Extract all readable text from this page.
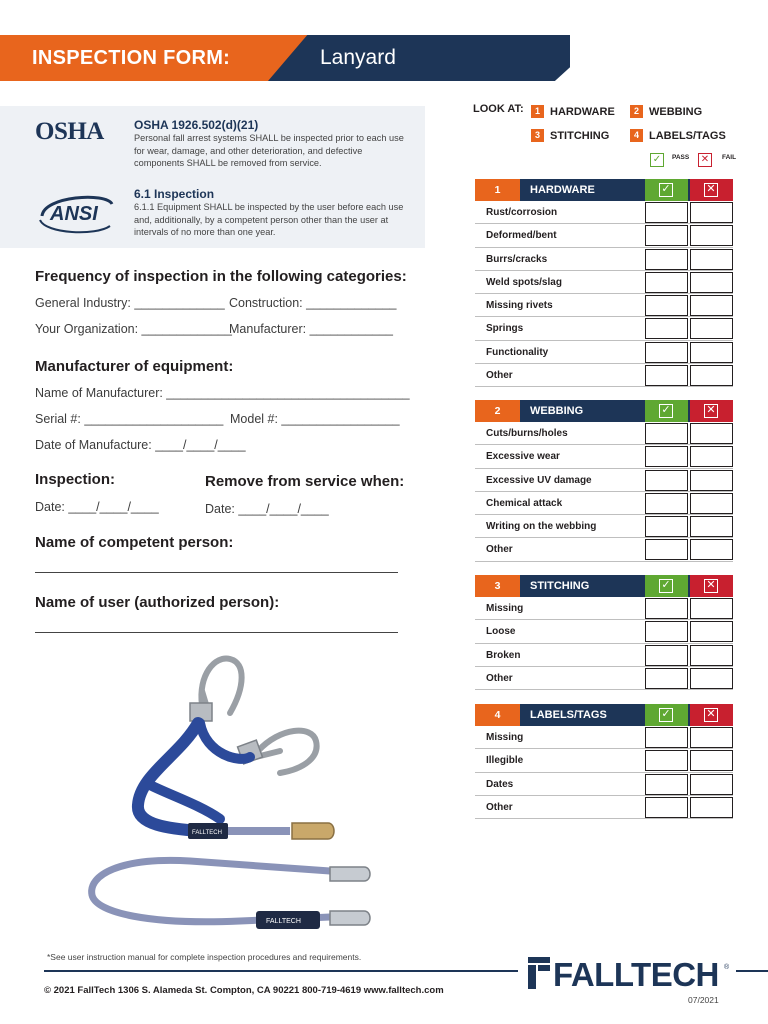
INSPECTION FORM:	Lanyard
OSHA	OSHA 1926.502(d)(21)
Personal fall arrest systems SHALL be inspected prior to each use for wear, damage, and other deterioration, and defective components SHALL be removed from service.
ANSI
6.1 Inspection
6.1.1 Equipment SHALL be inspected by the user before each use and, additionally, by a competent person other than the user at intervals of no more than one year.
Frequency of inspection in the following categories:
General Industry: _____________ Construction: _____________
Your Organization: _____________
Manufacturer: ____________
Manufacturer of equipment:
Name of Manufacturer: ___________________________________
Serial #: ____________________ Model #: _________________
Date of Manufacture: ____/____/____
Inspection:
Date: ____/____/____
Remove from service when:
Date: ____/____/____
Name of competent person:
Name of user (authorized person):
FALLTECH
FALLTECH
LOOK AT:	1 HARDWARE	2 WEBBING
3 STITCHING	4 LABELS/TAGS
✓	PASS ✕	FAIL
1	HARDWARE	✓	✕
Rust/corrosion
Deformed/bent
Burrs/cracks
Weld spots/slag
Missing rivets
Springs
Functionality
Other
2	WEBBING	✓	✕
Cuts/burns/holes
Excessive wear
Excessive UV damage
Chemical attack
Writing on the webbing
Other
3	STITCHING	✓	✕
Missing
Loose
Broken
Other
4	LABELS/TAGS	✓	✕
Missing
Illegible
Dates
Other
*See user instruction manual for complete inspection procedures and requirements.	FALLTECH ®
© 2021 FallTech 1306 S. Alameda St. Compton, CA 90221 800-719-4619 www.falltech.com
07/2021
